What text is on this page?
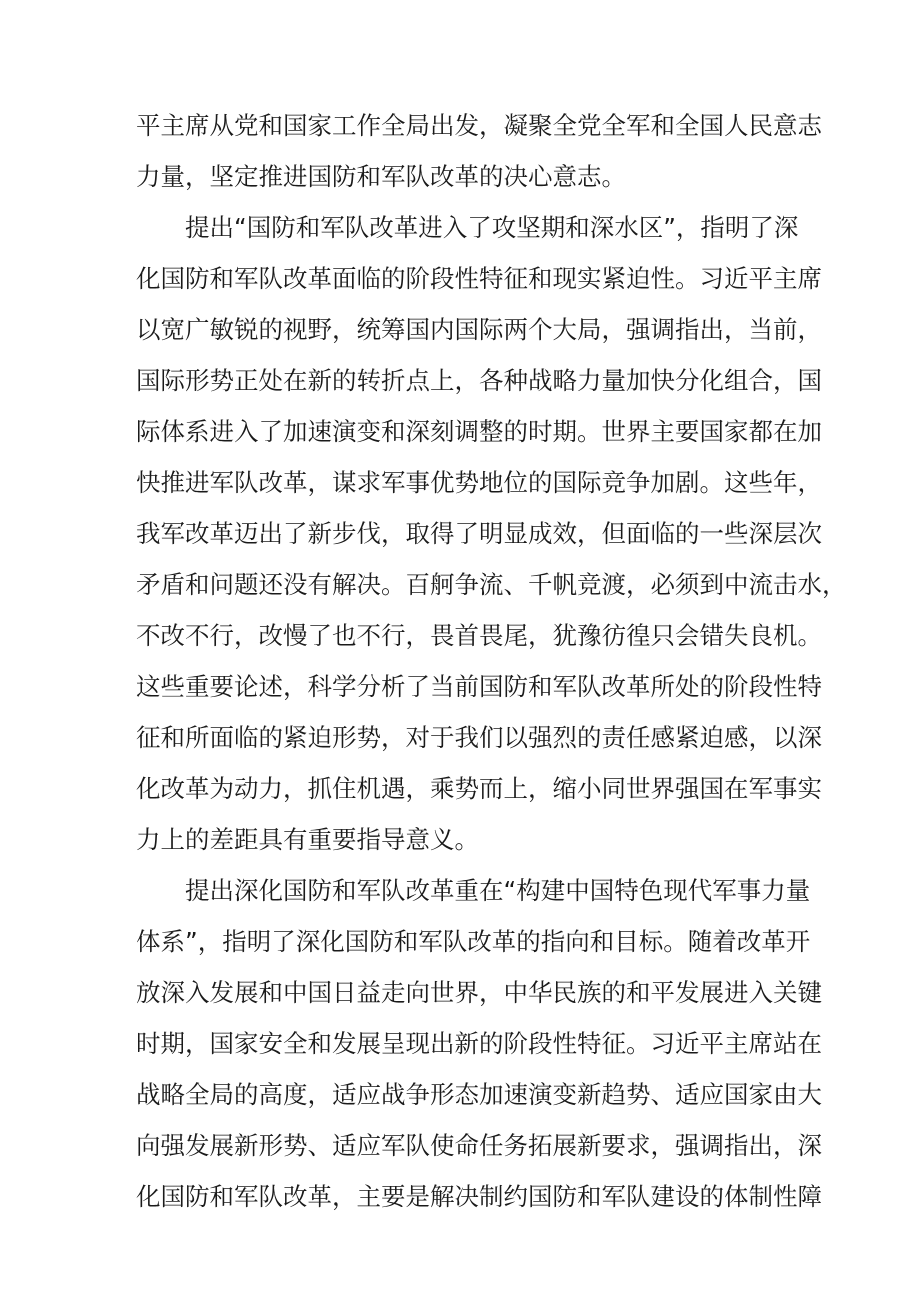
平主席从党和国家工作全局出发，凝聚全党全军和全国人民意志
力量，坚定推进国防和军队改革的决心意志。
提出“国防和军队改革进入了攻坚期和深水区”，指明了深
化国防和军队改革面临的阶段性特征和现实紧迫性。习近平主席
以宽广敏锐的视野，统筹国内国际两个大局，强调指出，当前，
国际形势正处在新的转折点上，各种战略力量加快分化组合，国
际体系进入了加速演变和深刻调整的时期。世界主要国家都在加
快推进军队改革，谋求军事优势地位的国际竞争加剧。这些年，
我军改革迈出了新步伐，取得了明显成效，但面临的一些深层次
矛盾和问题还没有解决。百舸争流、千帆竞渡，必须到中流击水，
不改不行，改慢了也不行，畏首畏尾，犹豫彷徨只会错失良机。
这些重要论述，科学分析了当前国防和军队改革所处的阶段性特
征和所面临的紧迫形势，对于我们以强烈的责任感紧迫感，以深
化改革为动力，抓住机遇，乘势而上，缩小同世界强国在军事实
力上的差距具有重要指导意义。
提出深化国防和军队改革重在“构建中国特色现代军事力量
体系”，指明了深化国防和军队改革的指向和目标。随着改革开
放深入发展和中国日益走向世界，中华民族的和平发展进入关键
时期，国家安全和发展呈现出新的阶段性特征。习近平主席站在
战略全局的高度，适应战争形态加速演变新趋势、适应国家由大
向强发展新形势、适应军队使命任务拓展新要求，强调指出，深
化国防和军队改革，主要是解决制约国防和军队建设的体制性障
